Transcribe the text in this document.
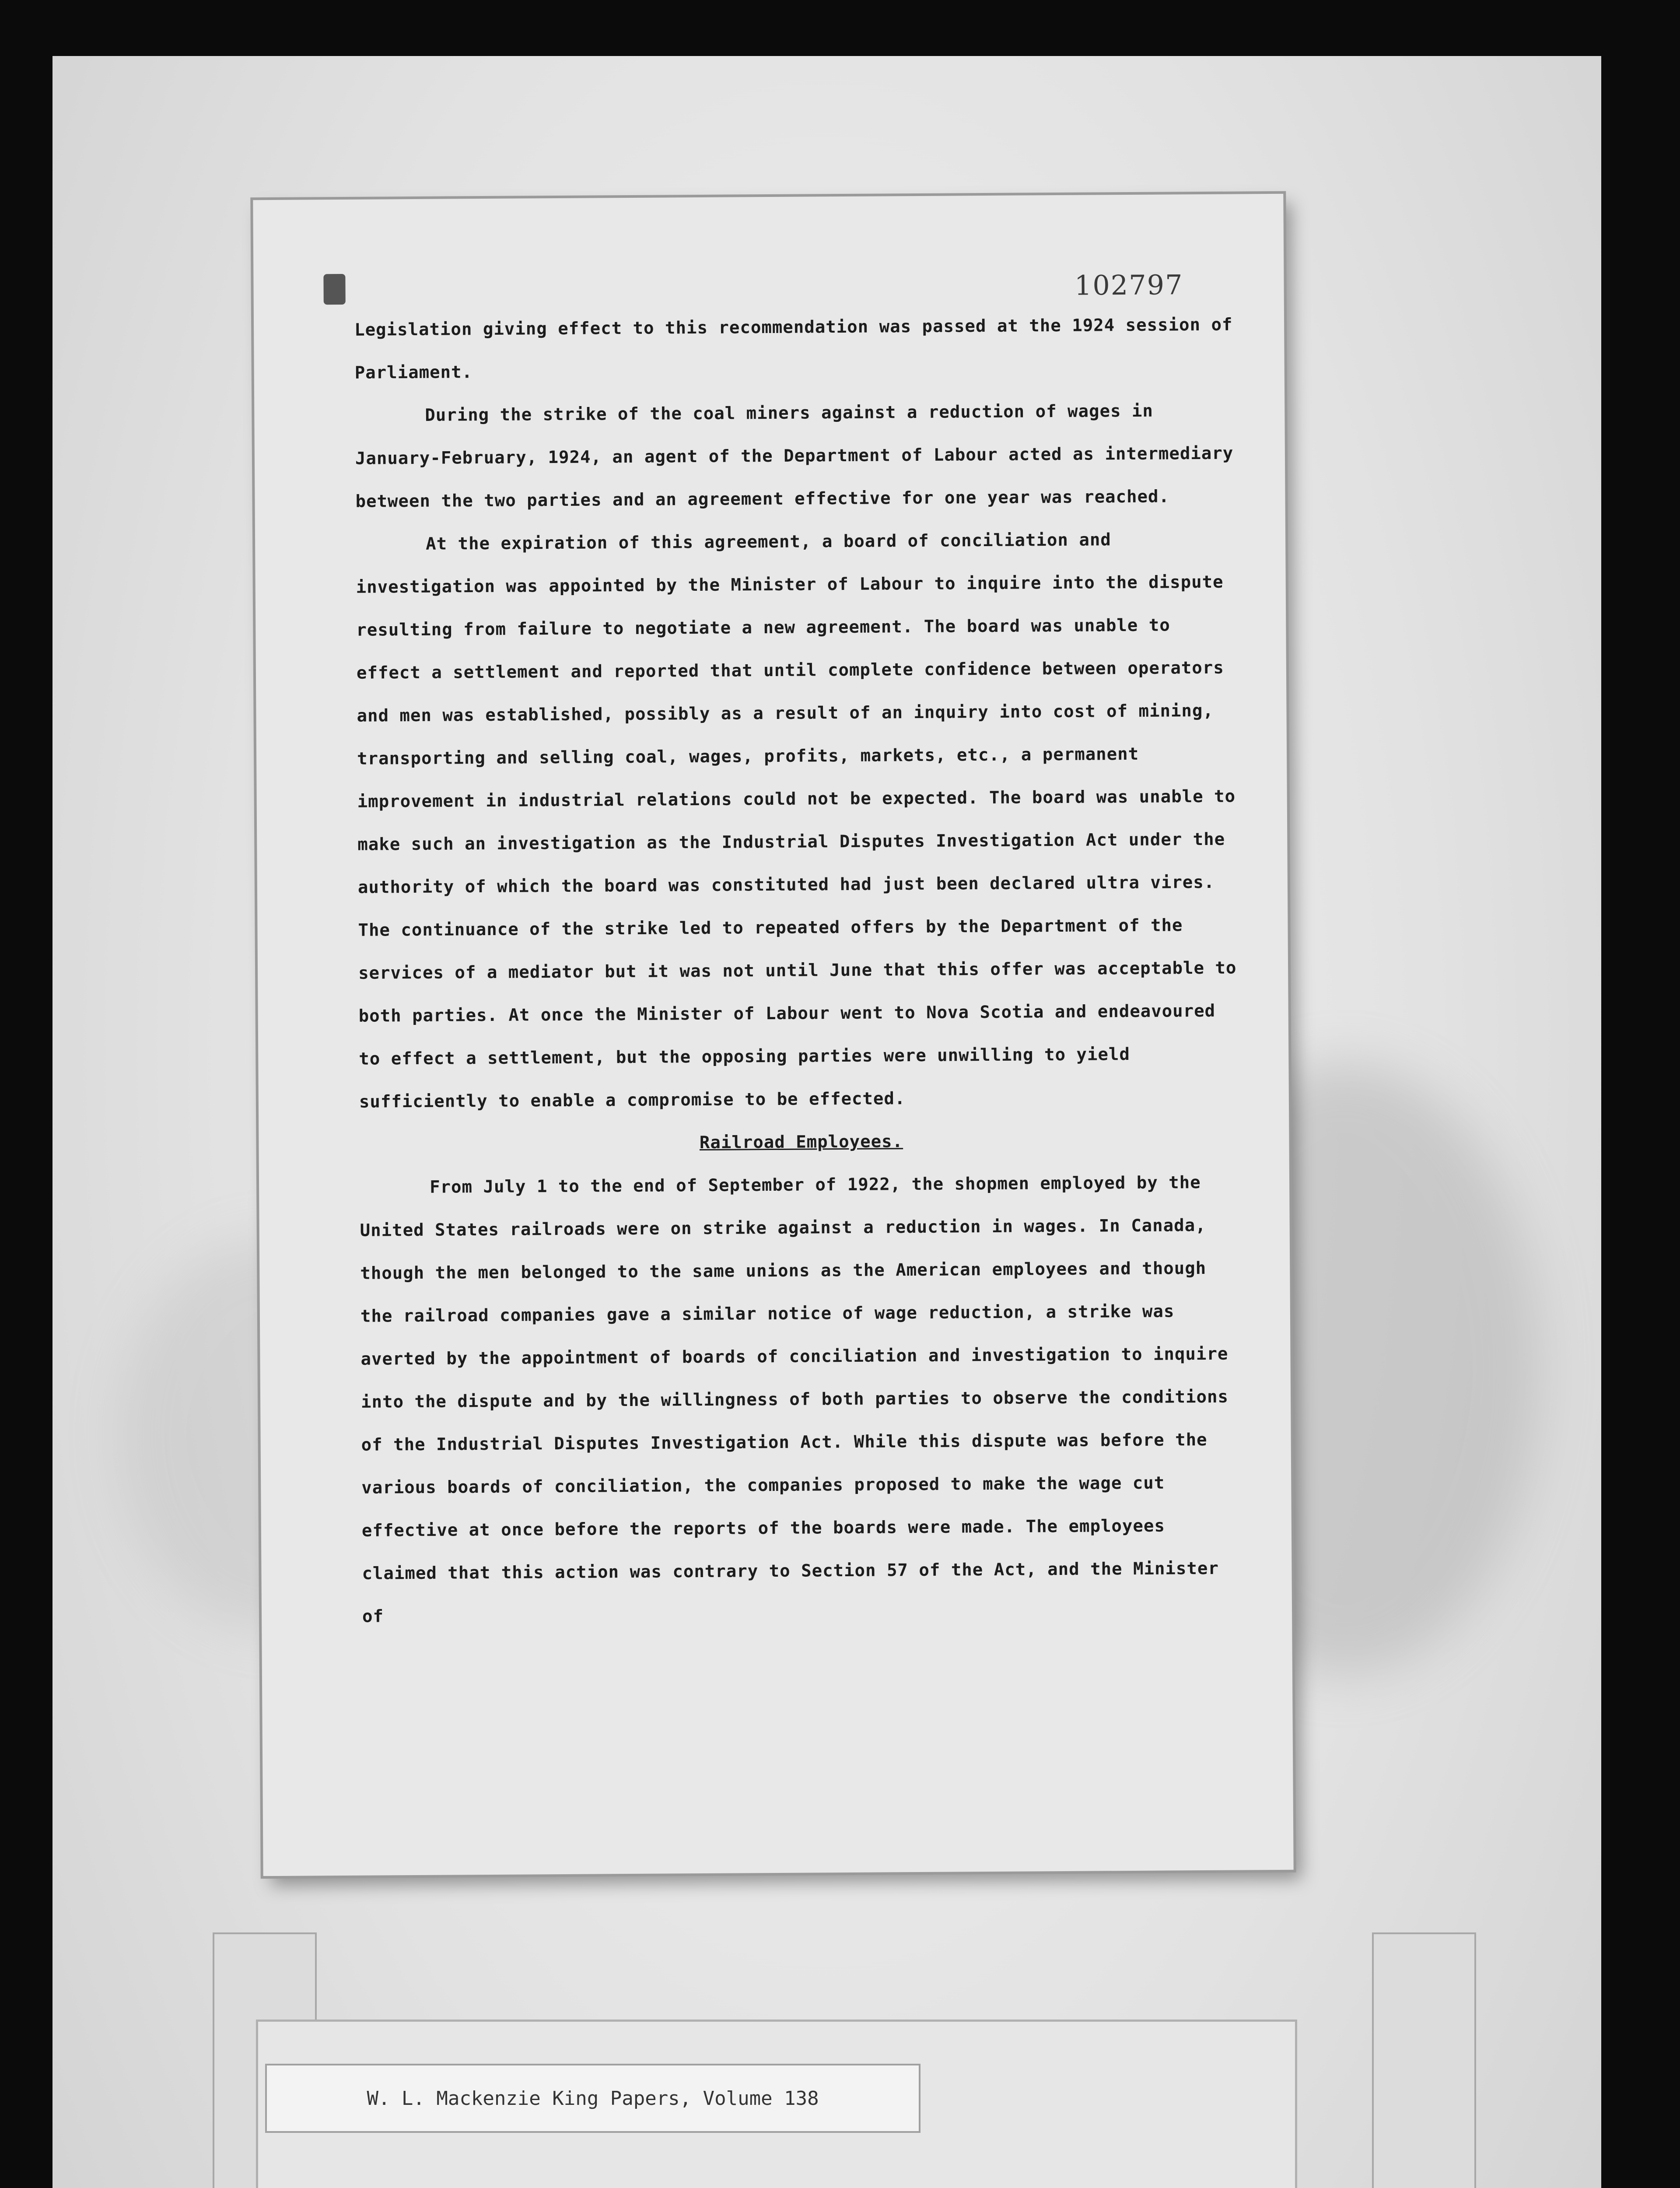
102797

Legislation giving effect to this recommendation was passed at the 1924 session of Parliament.

During the strike of the coal miners against a reduction of wages in January-February, 1924, an agent of the Department of Labour acted as intermediary between the two parties and an agreement effective for one year was reached.

At the expiration of this agreement, a board of conciliation and investigation was appointed by the Minister of Labour to inquire into the dispute resulting from failure to negotiate a new agreement. The board was unable to effect a settlement and reported that until complete confidence between operators and men was established, possibly as a result of an inquiry into cost of mining, transporting and selling coal, wages, profits, markets, etc., a permanent improvement in industrial relations could not be expected. The board was unable to make such an investigation as the Industrial Disputes Investigation Act under the authority of which the board was constituted had just been declared ultra vires. The continuance of the strike led to repeated offers by the Department of the services of a mediator but it was not until June that this offer was acceptable to both parties. At once the Minister of Labour went to Nova Scotia and endeavoured to effect a settlement, but the opposing parties were unwilling to yield sufficiently to enable a compromise to be effected.

Railroad Employees.

From July 1 to the end of September of 1922, the shopmen employed by the United States railroads were on strike against a reduction in wages. In Canada, though the men belonged to the same unions as the American employees and though the railroad companies gave a similar notice of wage reduction, a strike was averted by the appointment of boards of conciliation and investigation to inquire into the dispute and by the willingness of both parties to observe the conditions of the Industrial Disputes Investigation Act. While this dispute was before the various boards of conciliation, the companies proposed to make the wage cut effective at once before the reports of the boards were made. The employees claimed that this action was contrary to Section 57 of the Act, and the Minister of

W. L. Mackenzie King Papers, Volume 138
